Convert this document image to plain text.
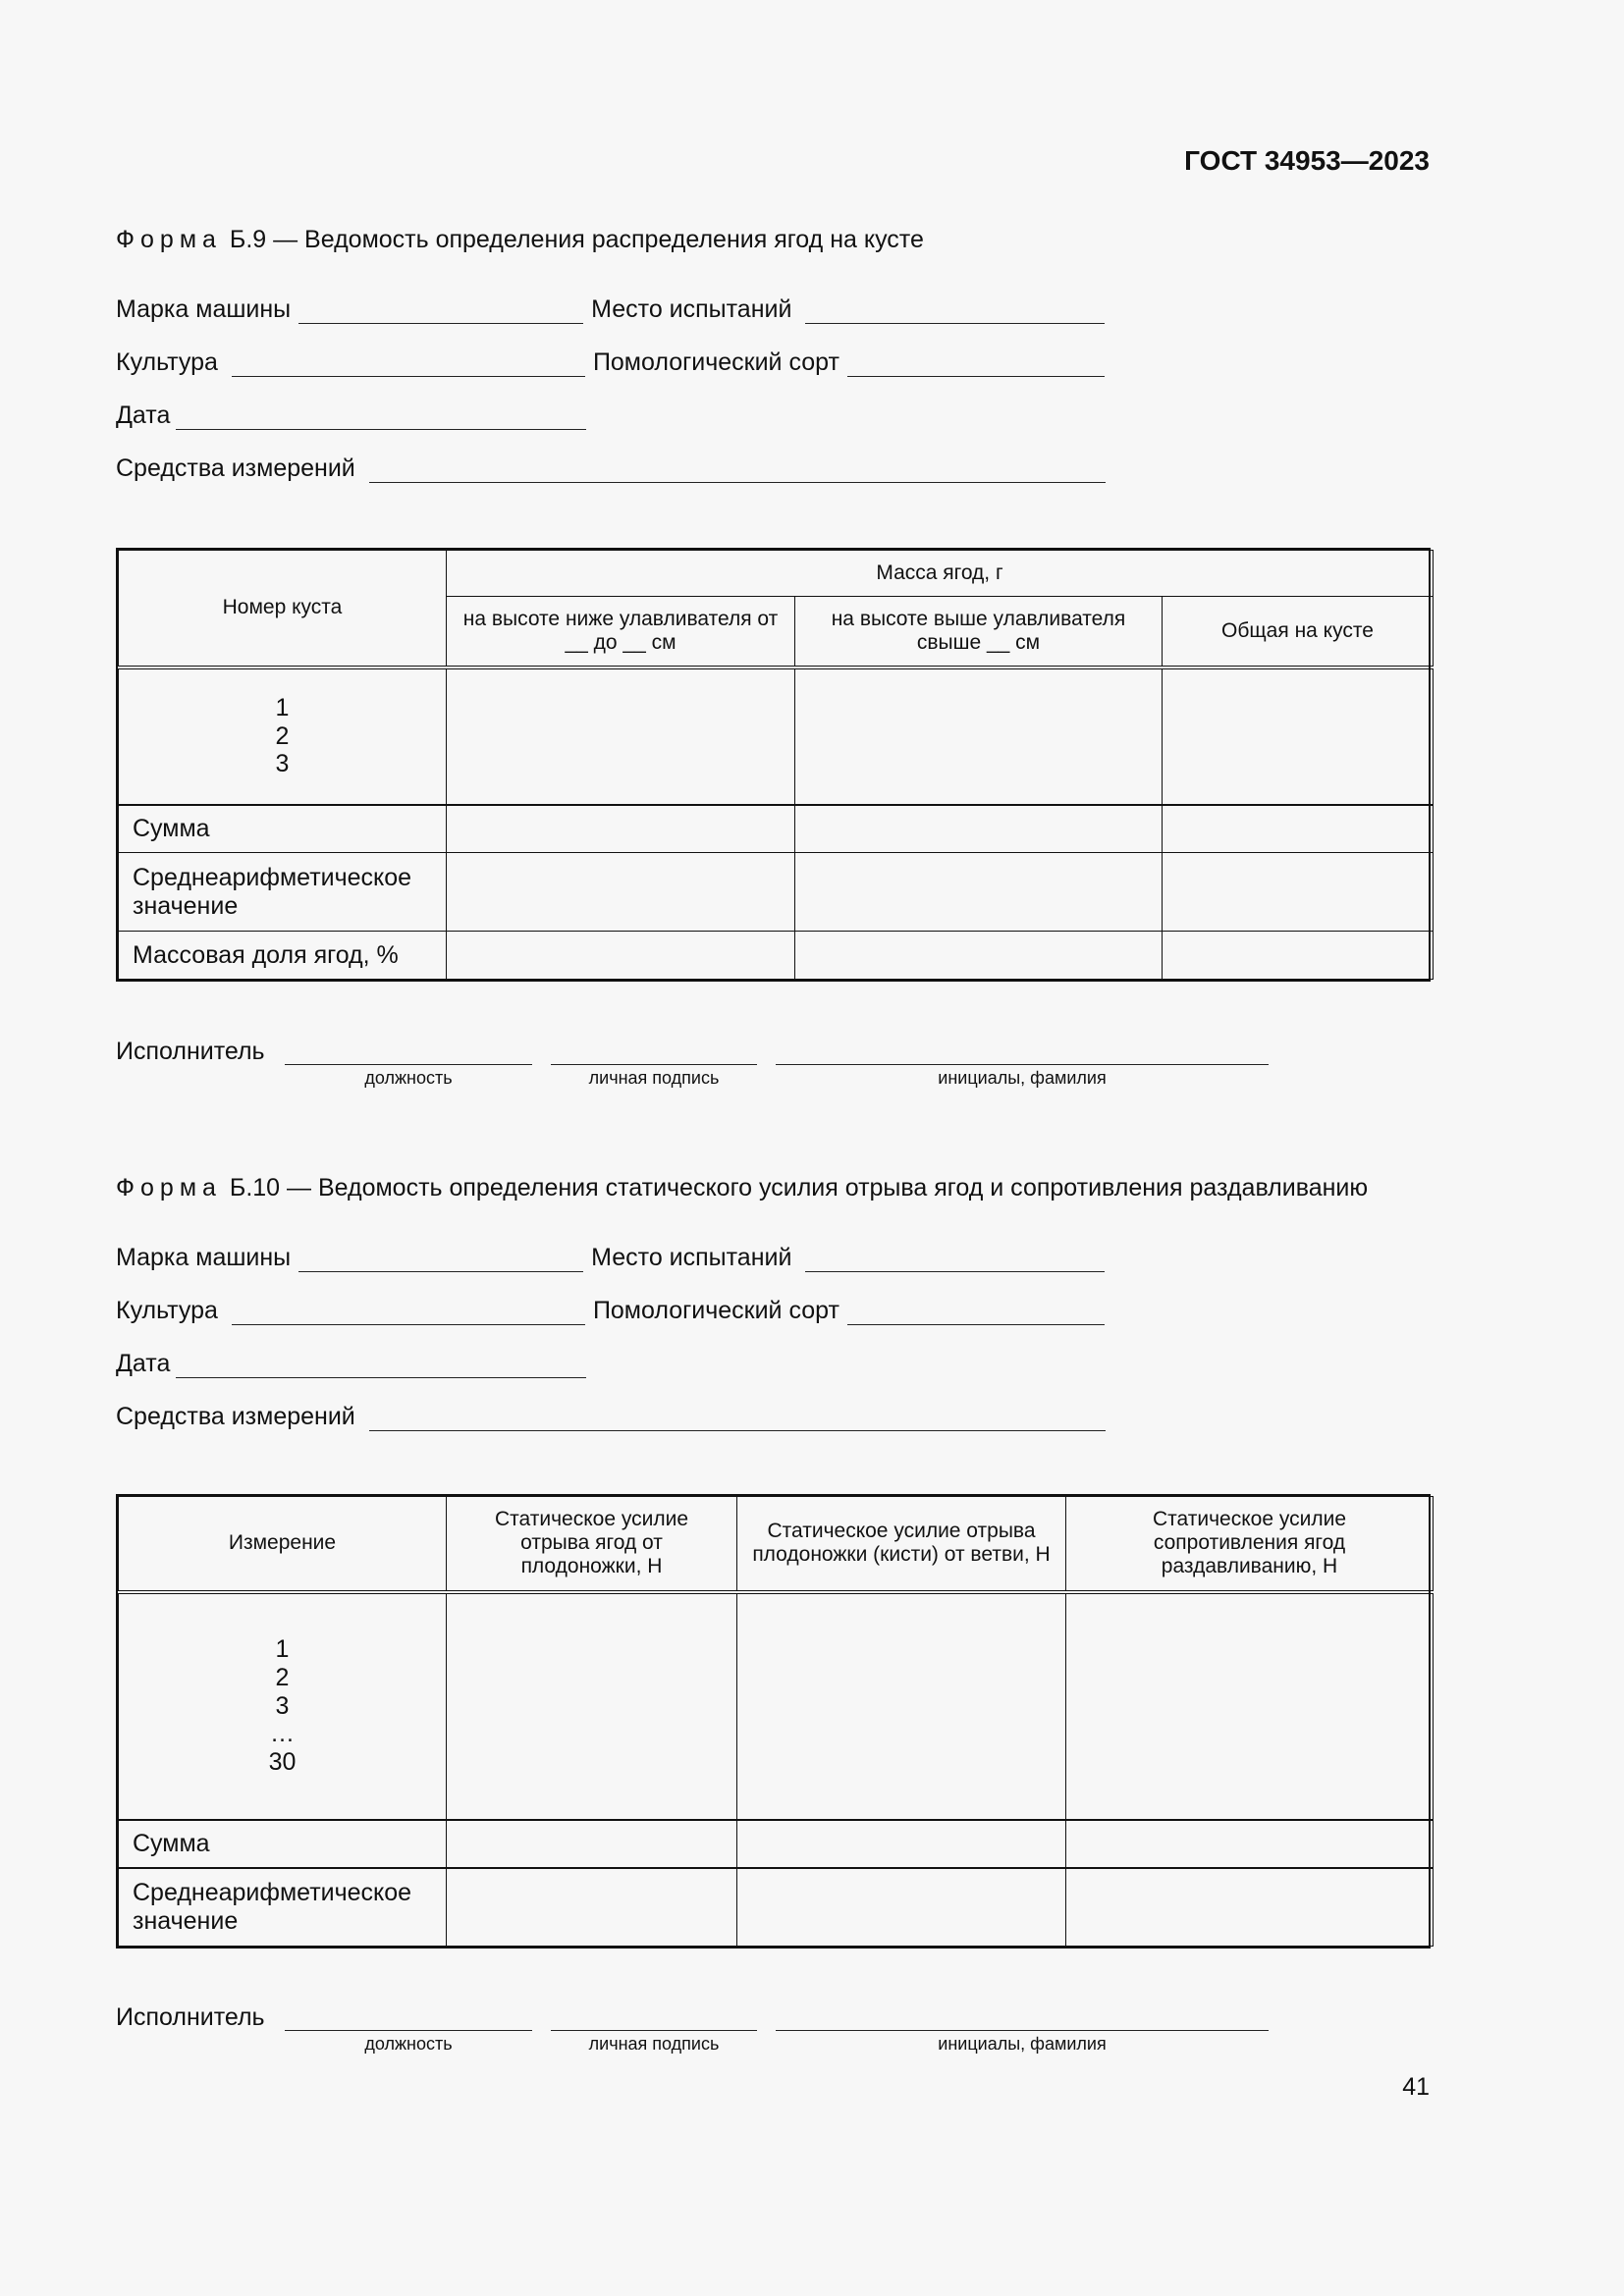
ГОСТ 34953—2023
Форма Б.9 — Ведомость определения распределения ягод на кусте
Марка машины	Место испытаний
Культура	Помологический сорт
Дата
Средства измерений
Номер куста	Масса ягод, г		
	на высоте ниже улавливателя от __ до __ см	на высоте выше улавливателя свыше __ см	Общая на кусте

1
2
3			

Сумма			
Среднеарифметическое значение			
Массовая доля ягод, %			
Исполнитель
должность	личная подпись	инициалы, фамилия
Форма Б.10 — Ведомость определения статического усилия отрыва ягод и сопротивления раздавливанию
Марка машины	Место испытаний
Культура	Помологический сорт
Дата
Средства измерений
Измерение	Статическое усилие отрыва ягод от плодоножки, Н	Статическое усилие отрыва плодоножки (кисти) от ветви, Н	Статическое усилие сопротивления ягод раздавливанию, Н

1
2
3
…
30			

Сумма			
Среднеарифметическое значение			
Исполнитель
должность	личная подпись	инициалы, фамилия
41
